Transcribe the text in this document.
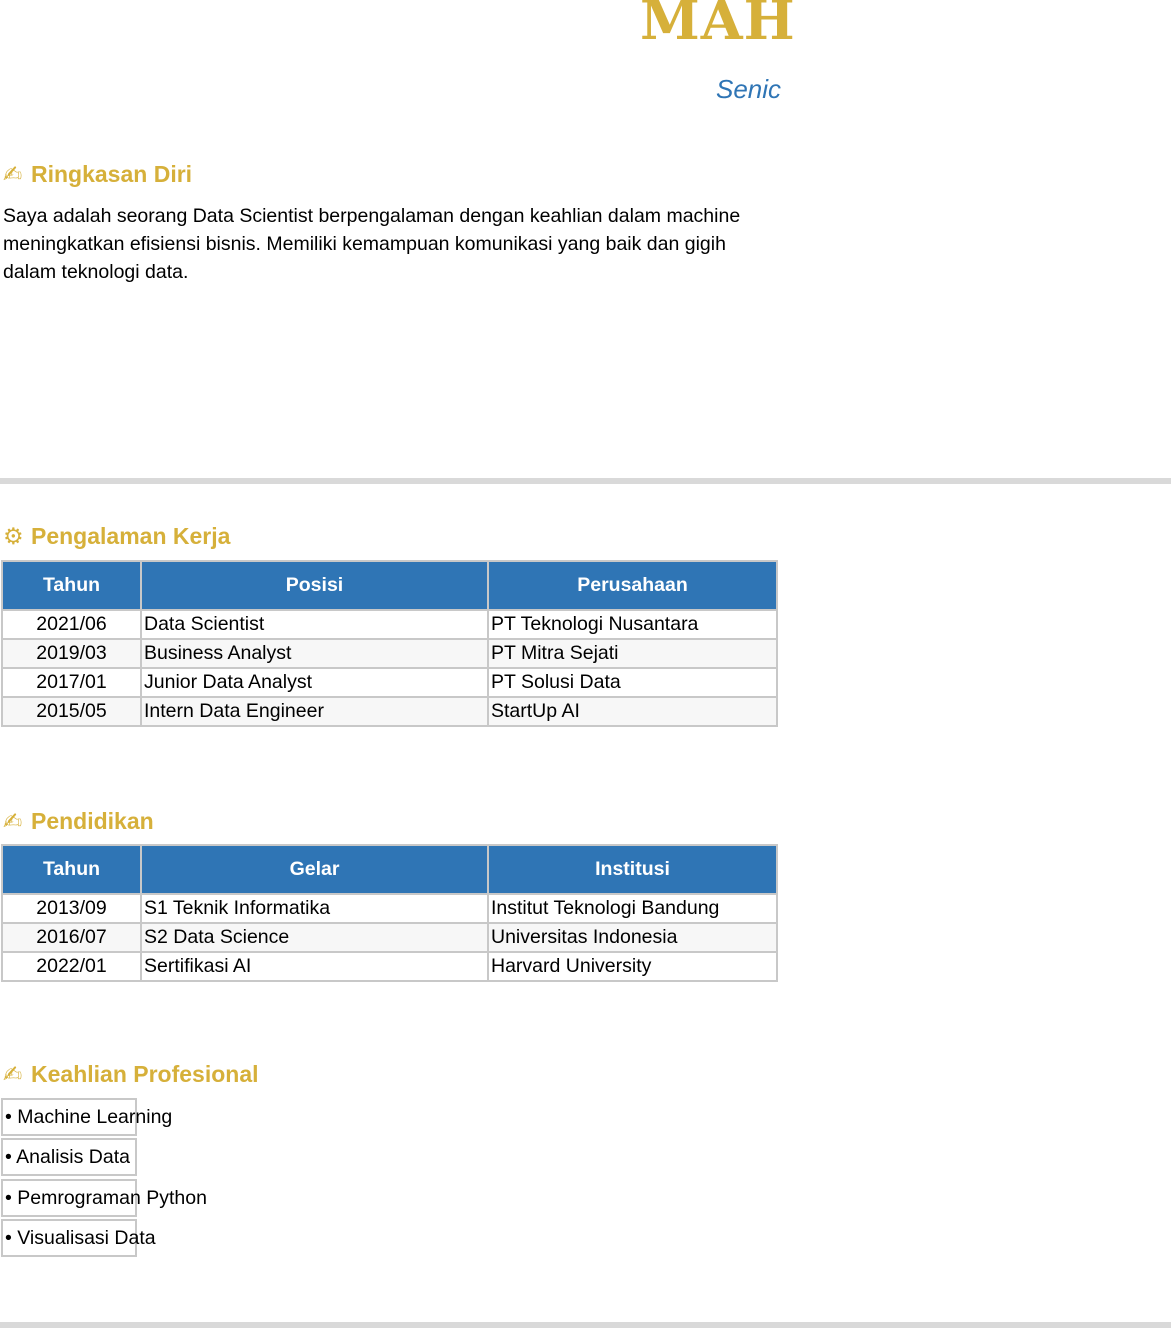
MAH
Senic
✍ Ringkasan Diri
Saya adalah seorang Data Scientist berpengalaman dengan keahlian dalam machine
meningkatkan efisiensi bisnis. Memiliki kemampuan komunikasi yang baik dan gigih
dalam teknologi data.
⚙ Pengalaman Kerja
Tahun	Posisi	Perusahaan
2021/06	Data Scientist	PT Teknologi Nusantara
2019/03	Business Analyst	PT Mitra Sejati
2017/01	Junior Data Analyst	PT Solusi Data
2015/05	Intern Data Engineer	StartUp AI
✍ Pendidikan
Tahun	Gelar	Institusi
2013/09	S1 Teknik Informatika	Institut Teknologi Bandung
2016/07	S2 Data Science	Universitas Indonesia
2022/01	Sertifikasi AI	Harvard University
✍ Keahlian Profesional
• Machine Learning
• Analisis Data
• Pemrograman Python
• Visualisasi Data
